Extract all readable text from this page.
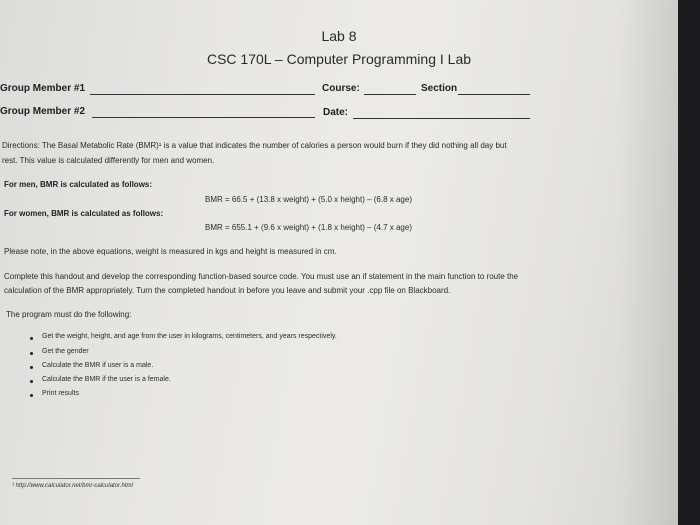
Lab 8
CSC 170L – Computer Programming I Lab
Group Member #1	Course:	Section
Group Member #2	Date:
Directions: The Basal Metabolic Rate (BMR)¹ is a value that indicates the number of calories a person would burn if they did nothing all day but
rest. This value is calculated differently for men and women.
For men, BMR is calculated as follows:
BMR = 66.5 + (13.8 x weight) + (5.0 x height) – (6.8 x age)
For women, BMR is calculated as follows:
BMR = 655.1 + (9.6 x weight) + (1.8 x height) – (4.7 x age)
Please note, in the above equations, weight is measured in kgs and height is measured in cm.
Complete this handout and develop the corresponding function-based source code. You must use an if statement in the main function to route the
calculation of the BMR appropriately. Turn the completed handout in before you leave and submit your .cpp file on Blackboard.
The program must do the following:
Get the weight, height, and age from the user in kilograms, centimeters, and years respectively.
Get the gender
Calculate the BMR if user is a male.
Calculate the BMR if the user is a female.
Print results
¹ http://www.calculator.net/bmr-calculator.html
